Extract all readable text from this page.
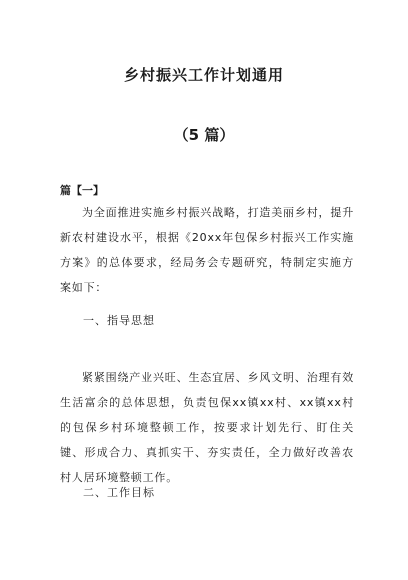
乡村振兴工作计划通用
（5 篇）
篇【一】
为全面推进实施乡村振兴战略，打造美丽乡村，提升新农村建设水平，根据《20xx年包保乡村振兴工作实施方案》的总体要求，经局务会专题研究，特制定实施方案如下：
一、指导思想
紧紧围绕产业兴旺、生态宜居、乡风文明、治理有效生活富余的总体思想，负责包保xx镇xx村、xx镇xx村的包保乡村环境整顿工作，按要求计划先行、盯住关键、形成合力、真抓实干、夯实责任，全力做好改善农村人居环境整顿工作。
二、工作目标
